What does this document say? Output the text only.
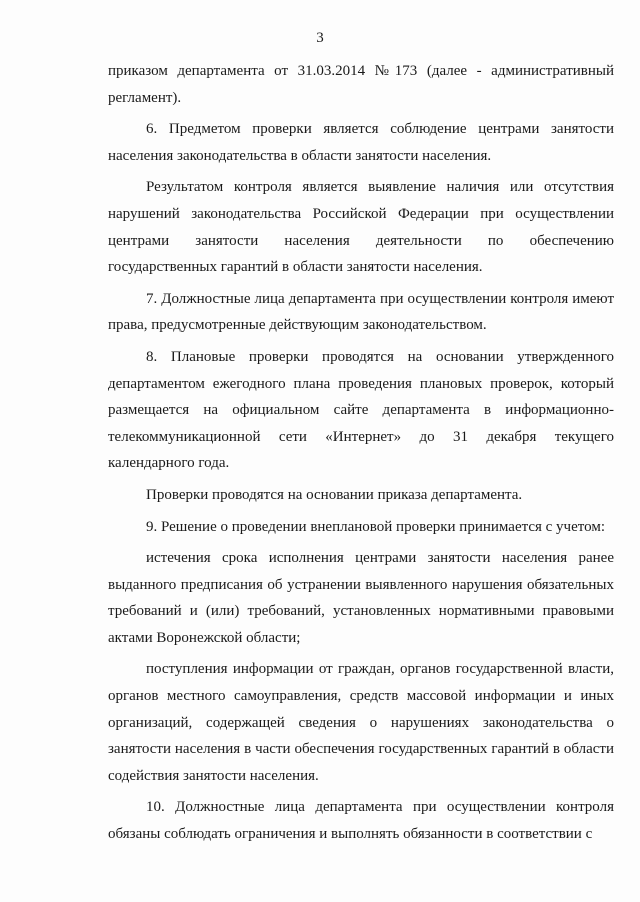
3

приказом департамента от 31.03.2014 №173 (далее - административный регламент).

6. Предметом проверки является соблюдение центрами занятости населения законодательства в области занятости населения.

Результатом контроля является выявление наличия или отсутствия нарушений законодательства Российской Федерации при осуществлении центрами занятости населения деятельности по обеспечению государственных гарантий в области занятости населения.

7. Должностные лица департамента при осуществлении контроля имеют права, предусмотренные действующим законодательством.

8. Плановые проверки проводятся на основании утвержденного департаментом ежегодного плана проведения плановых проверок, который размещается на официальном сайте департамента в информационно-телекоммуникационной сети «Интернет» до 31 декабря текущего календарного года.

Проверки проводятся на основании приказа департамента.

9. Решение о проведении внеплановой проверки принимается с учетом:

истечения срока исполнения центрами занятости населения ранее выданного предписания об устранении выявленного нарушения обязательных требований и (или) требований, установленных нормативными правовыми актами Воронежской области;

поступления информации от граждан, органов государственной власти, органов местного самоуправления, средств массовой информации и иных организаций, содержащей сведения о нарушениях законодательства о занятости населения в части обеспечения государственных гарантий в области содействия занятости населения.

10. Должностные лица департамента при осуществлении контроля обязаны соблюдать ограничения и выполнять обязанности в соответствии с
